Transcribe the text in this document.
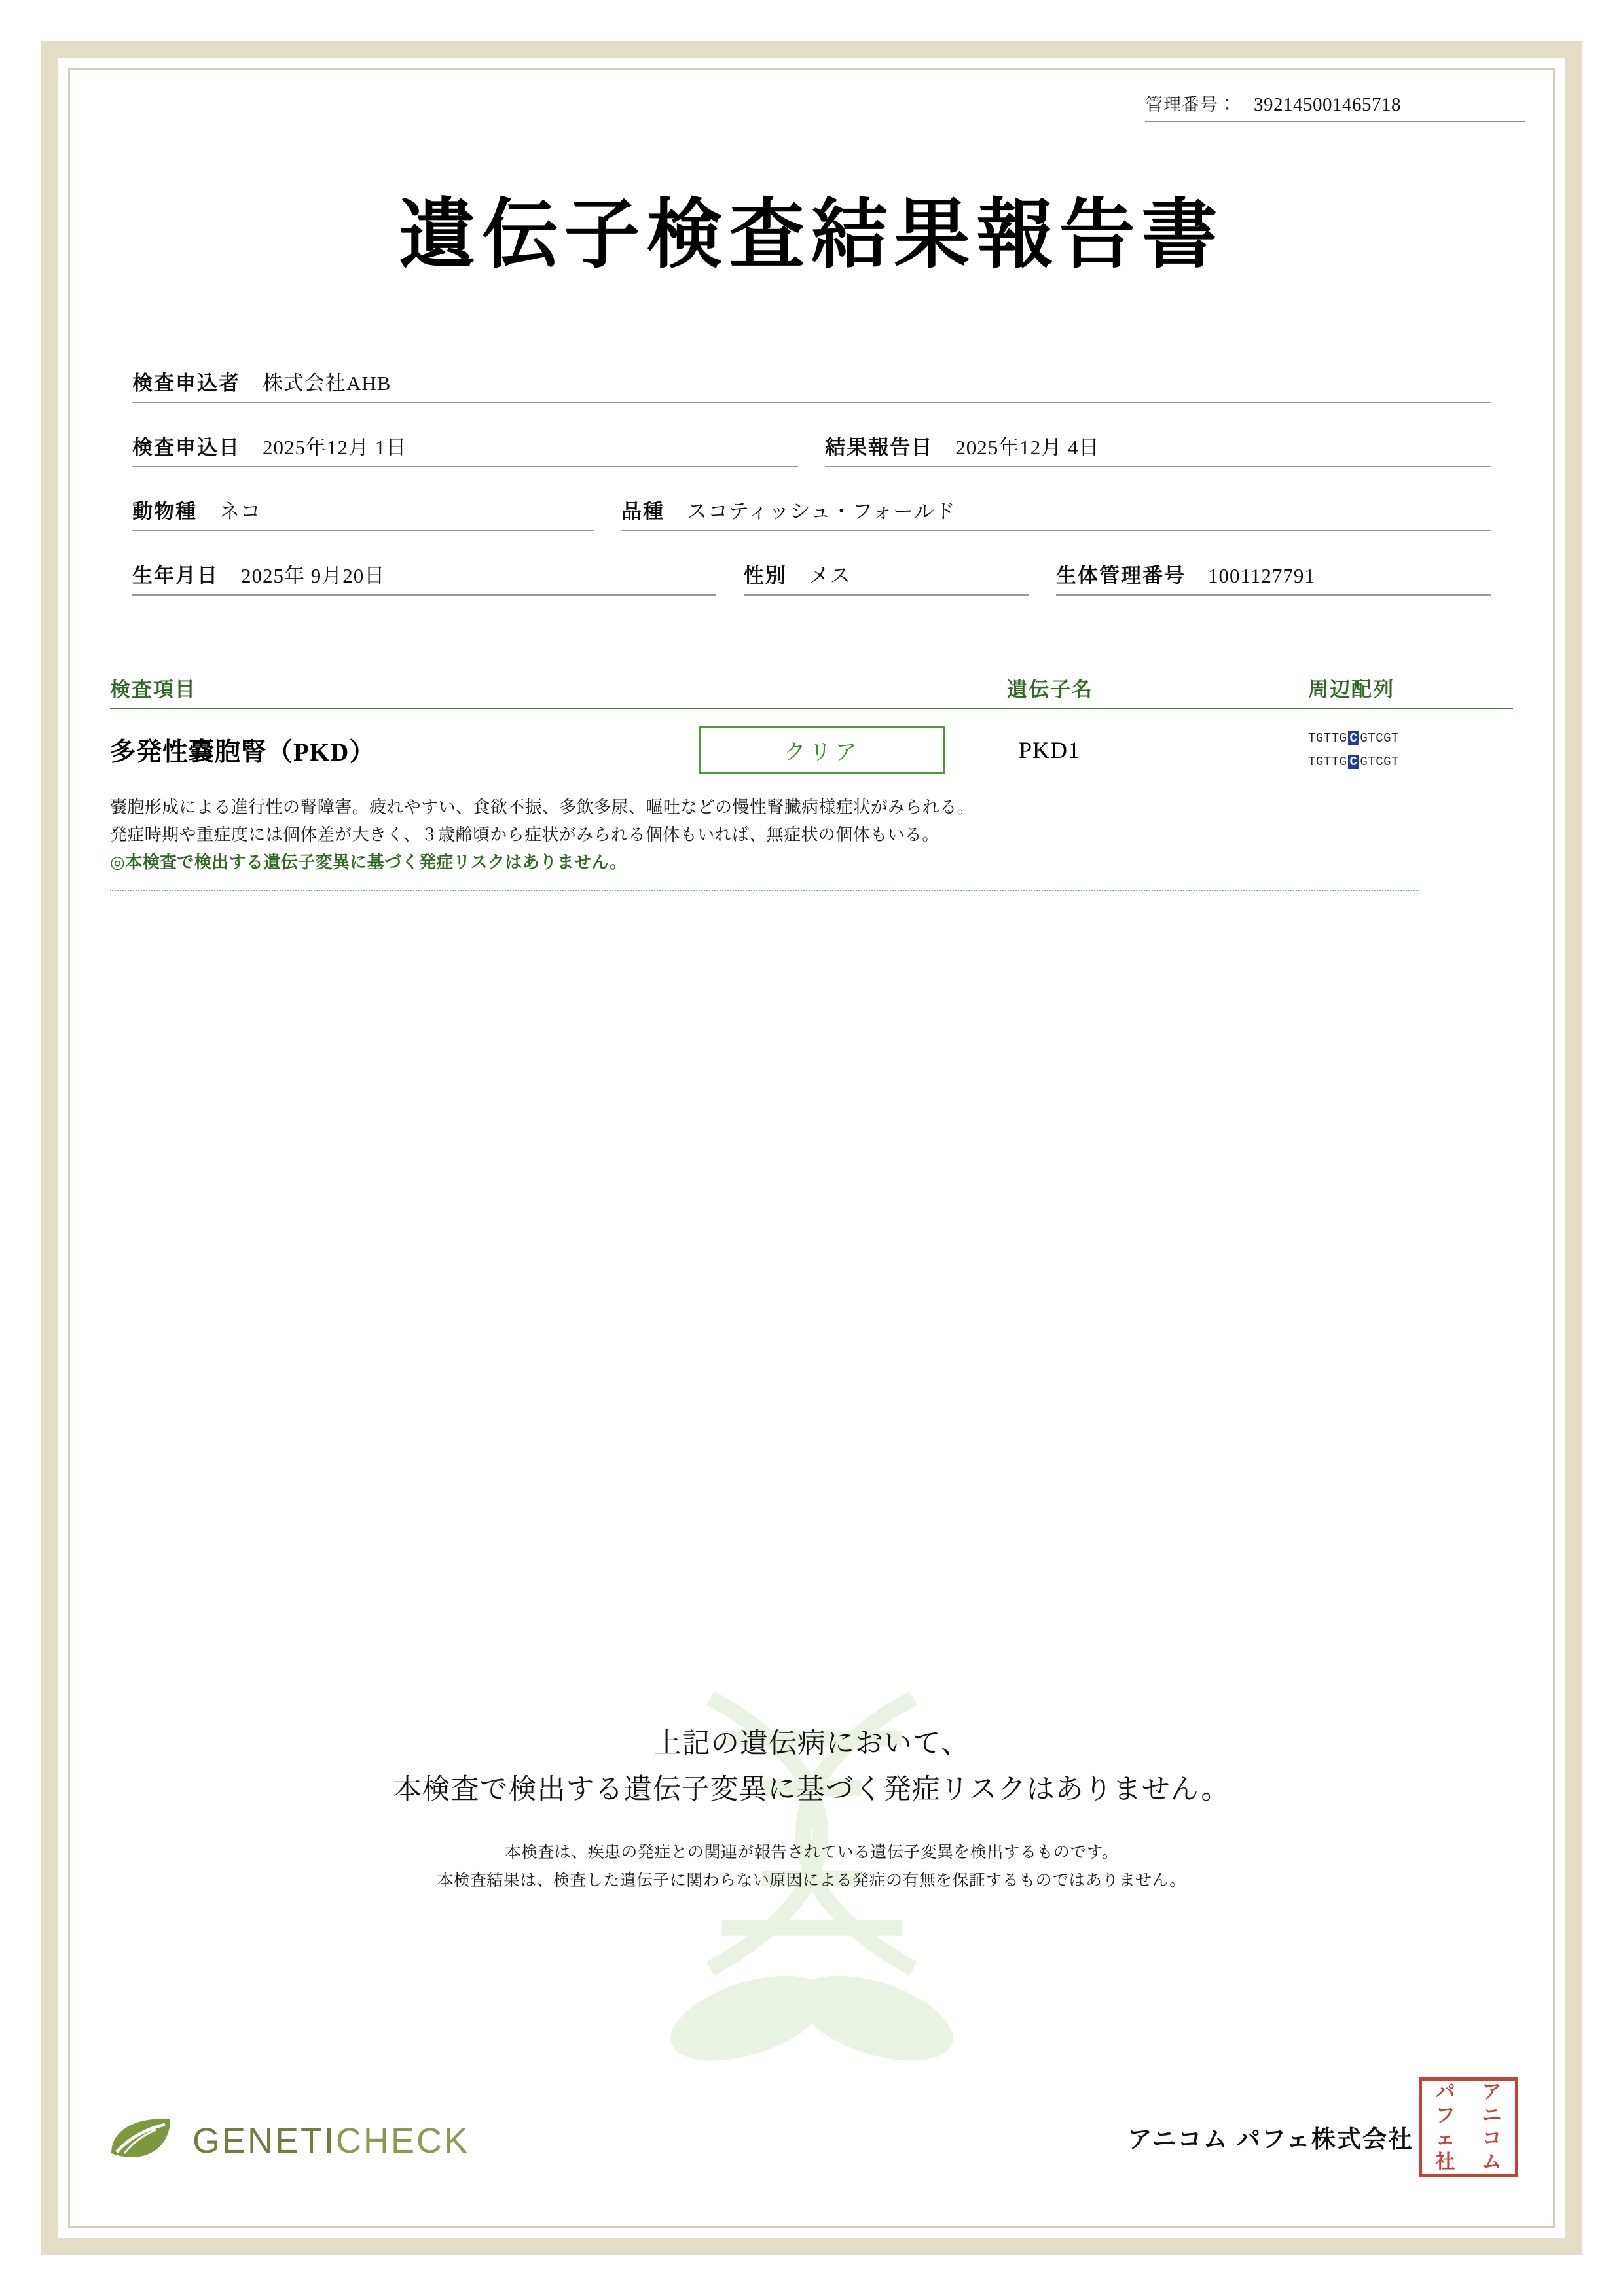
管理番号： 392145001465718
遺伝子検査結果報告書
検査申込者 株式会社AHB
検査申込日 2025年12月 1日	結果報告日 2025年12月 4日
動物種 ネコ	品種 スコティッシュ・フォールド
生年月日 2025年 9月20日	性別 メス	生体管理番号 1001127791
検査項目	遺伝子名	周辺配列
多発性嚢胞腎（PKD）	クリア	PKD1	TGTTG C GTCGT
TGTTG C GTCGT
嚢胞形成による進行性の腎障害。疲れやすい、食欲不振、多飲多尿、嘔吐などの慢性腎臓病様症状がみられる。
発症時期や重症度には個体差が大きく、３歳齢頃から症状がみられる個体もいれば、無症状の個体もいる。
◎本検査で検出する遺伝子変異に基づく発症リスクはありません。
上記の遺伝病において、
本検査で検出する遺伝子変異に基づく発症リスクはありません。
本検査は、疾患の発症との関連が報告されている遺伝子変異を検出するものです。
本検査結果は、検査した遺伝子に関わらない原因による発症の有無を保証するものではありません。
GENETICHECK	アニコム パフェ株式会社
パ ア
フ ニ
ェ コ
社 ム
